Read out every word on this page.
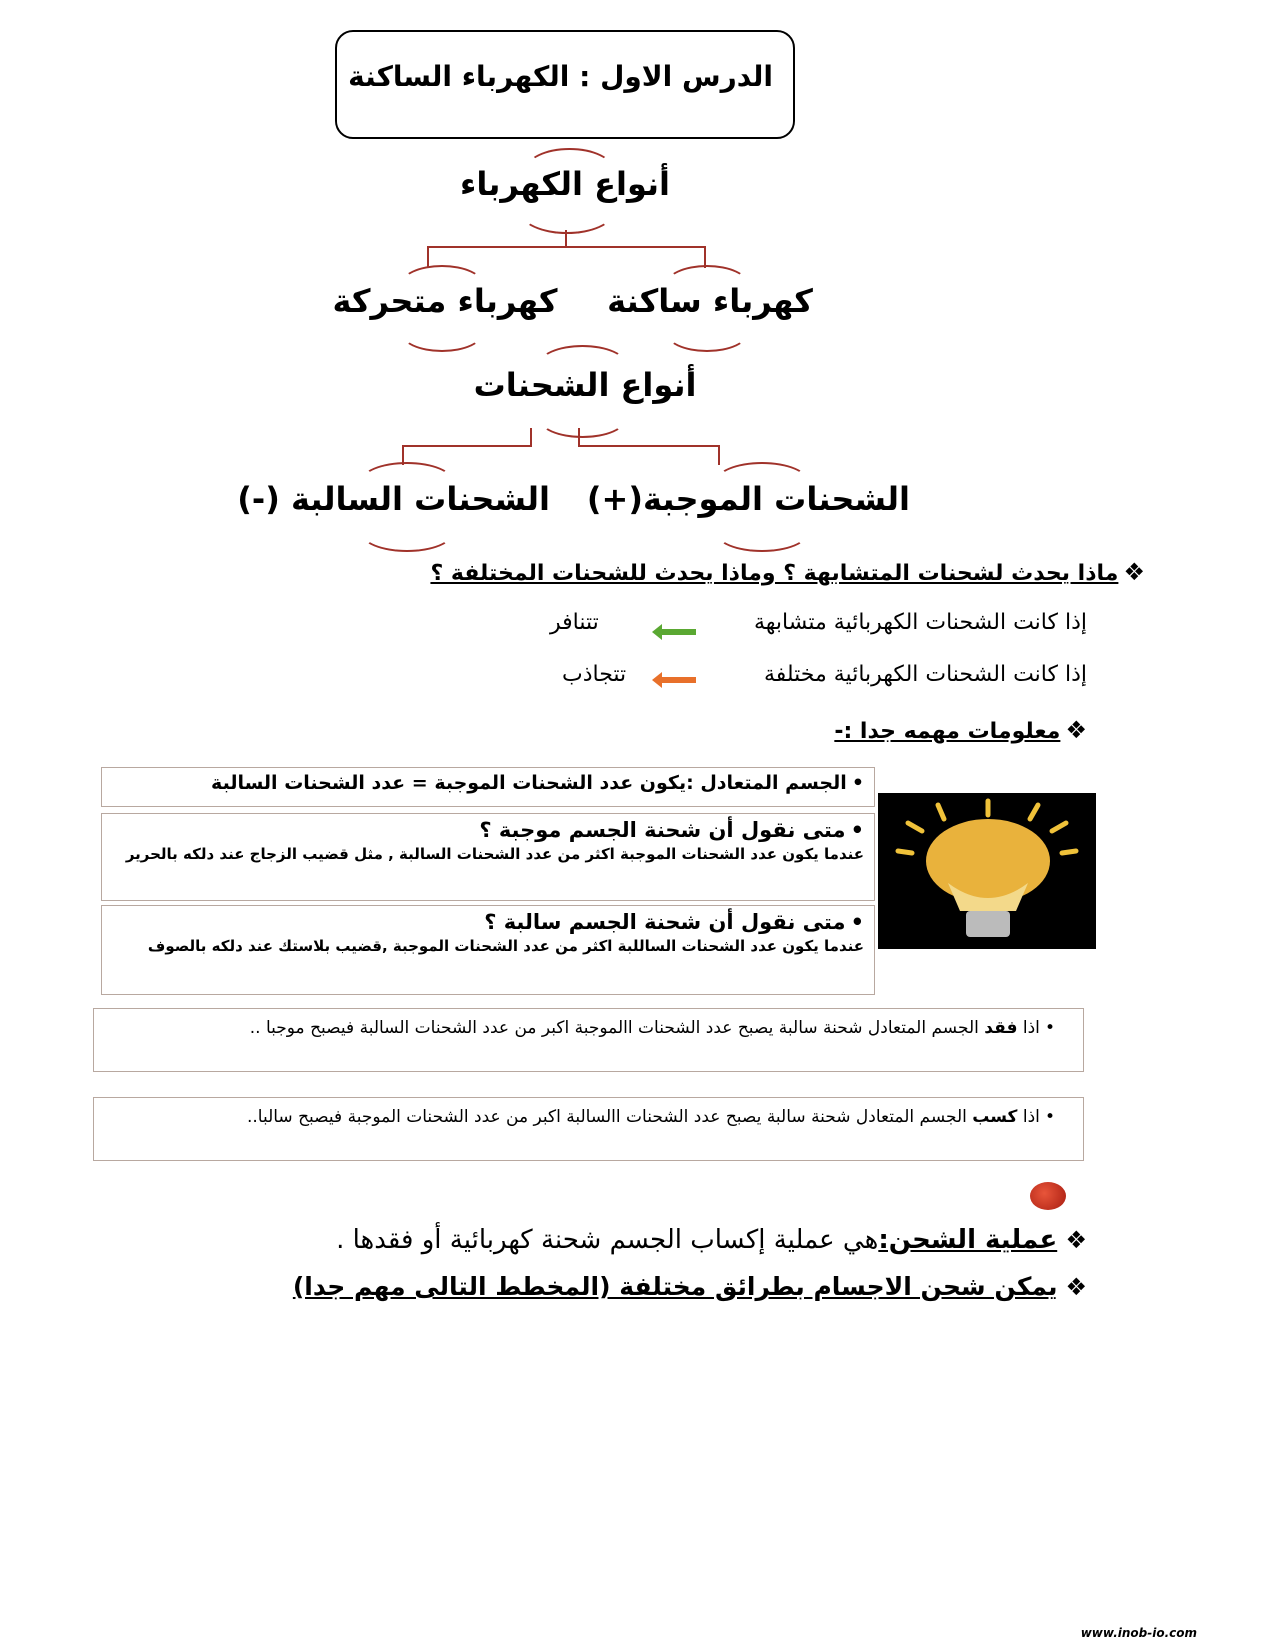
الدرس الاول : الكهرباء الساكنة
أنواع الكهرباء
كهرباء ساكنة
كهرباء متحركة
أنواع الشحنات
الشحنات الموجبة(+)
الشحنات السالبة (-)
❖ ماذا يحدث لشحنات المتشابهة ؟ وماذا يحدث للشحنات المختلفة ؟
إذا كانت الشحنات الكهربائية متشابهة
تتنافر
إذا كانت الشحنات الكهربائية مختلفة
تتجاذب
❖ معلومات مهمه جدا :-
• الجسم المتعادل :يكون عدد الشحنات الموجبة = عدد الشحنات السالبة
• متى نقول أن شحنة الجسم موجبة ؟
عندما يكون عدد الشحنات الموجبة اكثر من عدد الشحنات السالبة , مثل قضيب الزجاج عند دلكه بالحرير
• متى نقول أن شحنة الجسم سالبة ؟
عندما يكون عدد الشحنات الساللبة اكثر من عدد الشحنات الموجبة ,قضيب بلاستك عند دلكه بالصوف
• اذا فقد الجسم المتعادل شحنة سالبة يصبح عدد الشحنات االموجبة اكبر من عدد الشحنات السالبة فيصبح موجبا ..
• اذا كسب الجسم المتعادل شحنة سالبة يصبح عدد الشحنات االسالبة اكبر من عدد الشحنات الموجبة فيصبح سالبا..
❖ عملية الشحن:هي عملية إكساب الجسم شحنة كهربائية أو فقدها .
❖ يمكن شحن الاجسام بطرائق مختلفة (المخطط التالى مهم جدا)
www.inob-io.com
